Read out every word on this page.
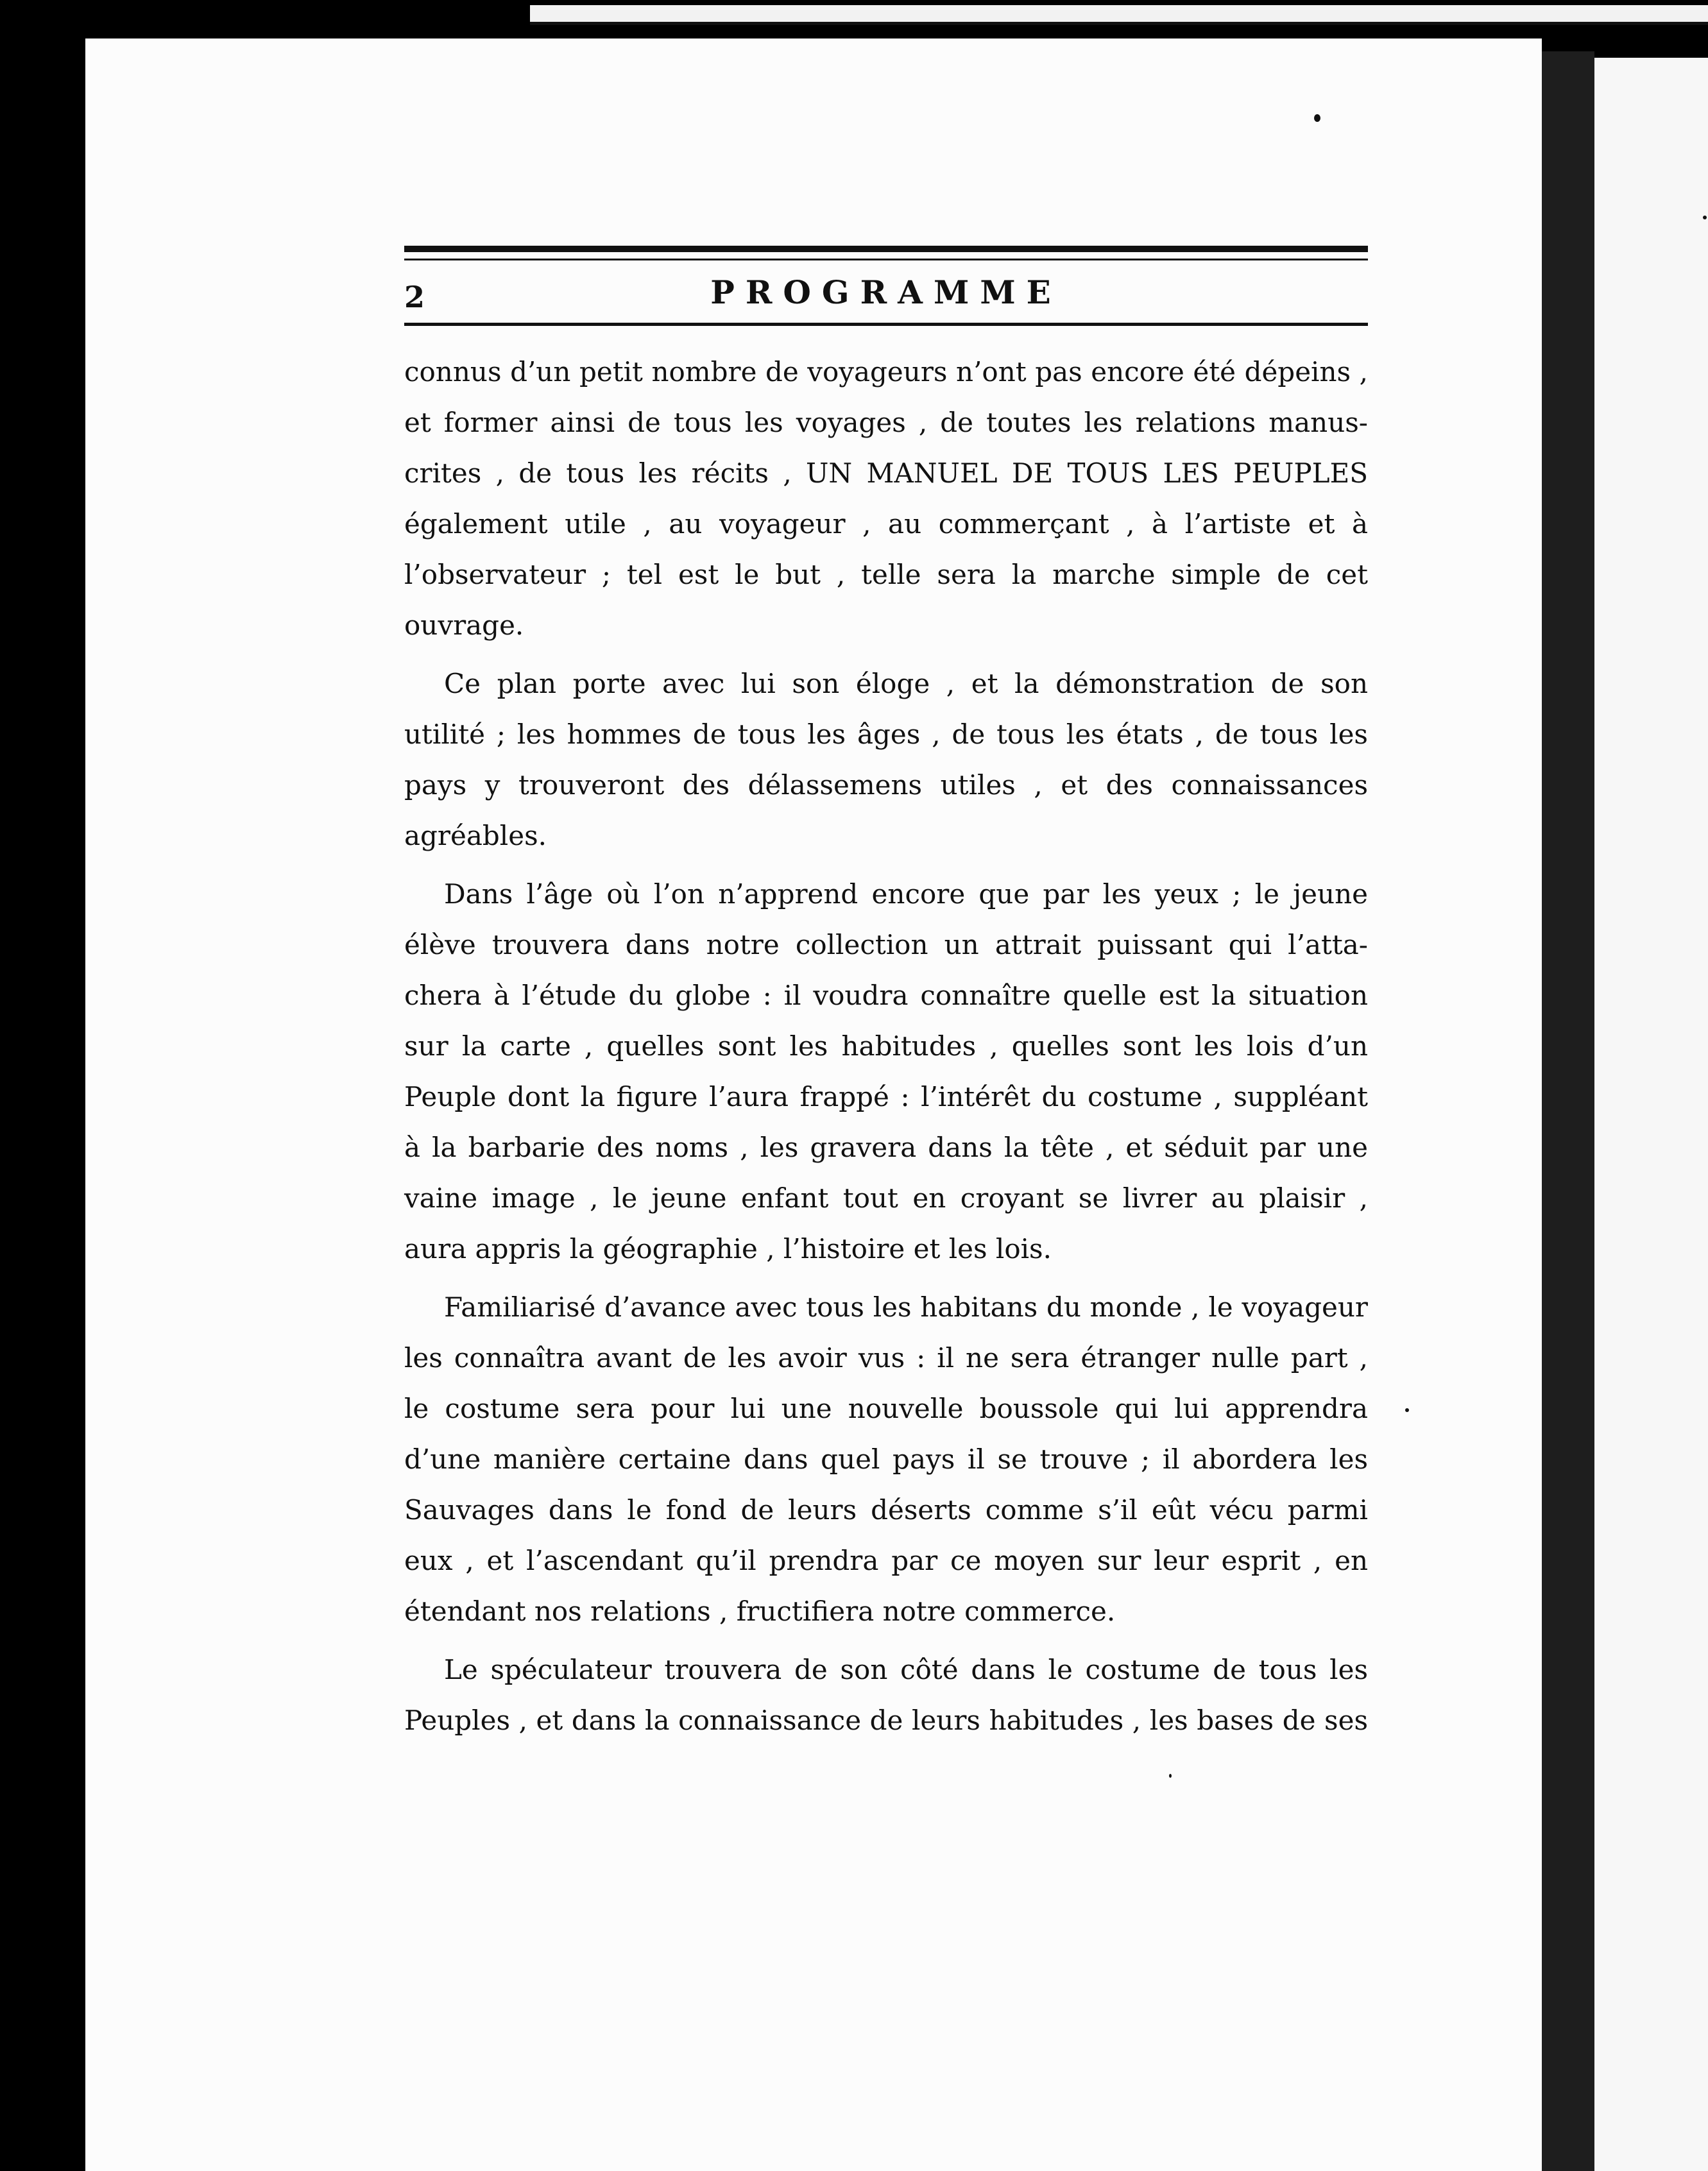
2	PROGRAMME
connus d’un petit nombre de voyageurs n’ont pas encore été dépeins ,
et former ainsi de tous les voyages , de toutes les relations manus-
crites , de tous les récits , UN MANUEL DE TOUS LES PEUPLES
également utile , au voyageur , au commerçant , à l’artiste et à
l’observateur ; tel est le but , telle sera la marche simple de cet
ouvrage.
Ce plan porte avec lui son éloge , et la démonstration de son
utilité ; les hommes de tous les âges , de tous les états , de tous les
pays y trouveront des délassemens utiles , et des connaissances
agréables.
Dans l’âge où l’on n’apprend encore que par les yeux ; le jeune
élève trouvera dans notre collection un attrait puissant qui l’atta-
chera à l’étude du globe : il voudra connaître quelle est la situation
sur la carte , quelles sont les habitudes , quelles sont les lois d’un
Peuple dont la figure l’aura frappé : l’intérêt du costume , suppléant
à la barbarie des noms , les gravera dans la tête , et séduit par une
vaine image , le jeune enfant tout en croyant se livrer au plaisir ,
aura appris la géographie , l’histoire et les lois.
Familiarisé d’avance avec tous les habitans du monde , le voyageur
les connaîtra avant de les avoir vus : il ne sera étranger nulle part ,
le costume sera pour lui une nouvelle boussole qui lui apprendra
d’une manière certaine dans quel pays il se trouve ; il abordera les
Sauvages dans le fond de leurs déserts comme s’il eût vécu parmi
eux , et l’ascendant qu’il prendra par ce moyen sur leur esprit , en
étendant nos relations , fructifiera notre commerce.
Le spéculateur trouvera de son côté dans le costume de tous les
Peuples , et dans la connaissance de leurs habitudes , les bases de ses
